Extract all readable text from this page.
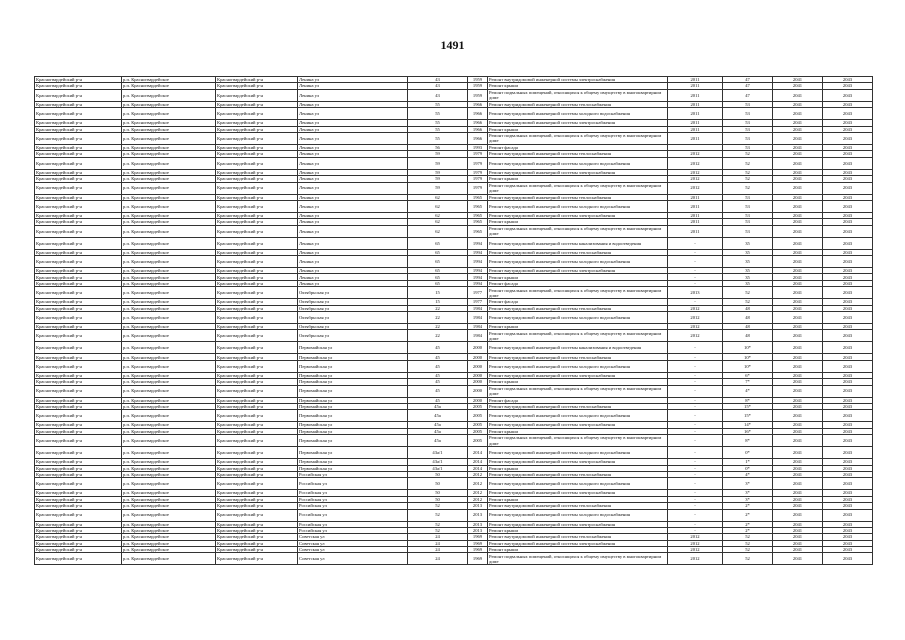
1491
Красногвардейский р-н	р.п. Красногвардейское	Красногвардейский р-н	Ленина ул	43	1959	Ремонт внутридомовой инженерной системы электроснабжения	2011	47	2041	2043
Красногвардейский р-н	р.п. Красногвардейское	Красногвардейский р-н	Ленина ул	43	1959	Ремонт крыши	2011	47	2041	2043
Красногвардейский р-н	р.п. Красногвардейское	Красногвардейский р-н	Ленина ул	43	1959	Ремонт подвальных помещений, относящихся к общему имуществу в многоквартирном доме	2011	47	2041	2043
Красногвардейский р-н	р.п. Красногвардейское	Красногвардейский р-н	Ленина ул	55	1966	Ремонт внутридомовой инженерной системы теплоснабжения	2011	53	2041	2043
Красногвардейский р-н	р.п. Красногвардейское	Красногвардейский р-н	Ленина ул	55	1966	Ремонт внутридомовой инженерной системы холодного водоснабжения	2011	53	2041	2043
Красногвардейский р-н	р.п. Красногвардейское	Красногвардейский р-н	Ленина ул	55	1966	Ремонт внутридомовой инженерной системы электроснабжения	2011	53	2041	2043
Красногвардейский р-н	р.п. Красногвардейское	Красногвардейский р-н	Ленина ул	55	1966	Ремонт крыши	2011	53	2041	2043
Красногвардейский р-н	р.п. Красногвардейское	Красногвардейский р-н	Ленина ул	55	1966	Ремонт подвальных помещений, относящихся к общему имуществу в многоквартирном доме	2011	53	2041	2043
Красногвардейский р-н	р.п. Красногвардейское	Красногвардейский р-н	Ленина ул	56	1993	Ремонт фасада		53	2041	2043
Красногвардейский р-н	р.п. Красногвардейское	Красногвардейский р-н	Ленина ул	59	1979	Ремонт внутридомовой инженерной системы теплоснабжения	2012	52	2041	2043
Красногвардейский р-н	р.п. Красногвардейское	Красногвардейский р-н	Ленина ул	59	1979	Ремонт внутридомовой инженерной системы холодного водоснабжения	2012	52	2041	2043
Красногвардейский р-н	р.п. Красногвардейское	Красногвардейский р-н	Ленина ул	59	1979	Ремонт внутридомовой инженерной системы электроснабжения	2012	52	2041	2043
Красногвардейский р-н	р.п. Красногвардейское	Красногвардейский р-н	Ленина ул	59	1979	Ремонт крыши	2012	52	2041	2043
Красногвардейский р-н	р.п. Красногвардейское	Красногвардейский р-н	Ленина ул	59	1979	Ремонт подвальных помещений, относящихся к общему имуществу в многоквартирном доме	2012	52	2041	2043
Красногвардейский р-н	р.п. Красногвардейское	Красногвардейский р-н	Ленина ул	62	1965	Ремонт внутридомовой инженерной системы теплоснабжения	2011	53	2041	2043
Красногвардейский р-н	р.п. Красногвардейское	Красногвардейский р-н	Ленина ул	62	1965	Ремонт внутридомовой инженерной системы холодного водоснабжения	2011	53	2041	2043
Красногвардейский р-н	р.п. Красногвардейское	Красногвардейский р-н	Ленина ул	62	1965	Ремонт внутридомовой инженерной системы электроснабжения	2011	53	2041	2043
Красногвардейский р-н	р.п. Красногвардейское	Красногвардейский р-н	Ленина ул	62	1965	Ремонт крыши	2011	53	2041	2043
Красногвардейский р-н	р.п. Красногвардейское	Красногвардейский р-н	Ленина ул	62	1965	Ремонт подвальных помещений, относящихся к общему имуществу в многоквартирном доме	2011	53	2041	2043
Красногвардейский р-н	р.п. Красногвардейское	Красногвардейский р-н	Ленина ул	65	1994	Ремонт внутридомовой инженерной системы канализования и водоотведения	-	35	2041	2043
Красногвардейский р-н	р.п. Красногвардейское	Красногвардейский р-н	Ленина ул	65	1994	Ремонт внутридомовой инженерной системы теплоснабжения	-	35	2041	2043
Красногвардейский р-н	р.п. Красногвардейское	Красногвардейский р-н	Ленина ул	65	1994	Ремонт внутридомовой инженерной системы холодного водоснабжения	-	35	2041	2043
Красногвардейский р-н	р.п. Красногвардейское	Красногвардейский р-н	Ленина ул	65	1994	Ремонт внутридомовой инженерной системы электроснабжения	-	35	2041	2043
Красногвардейский р-н	р.п. Красногвардейское	Красногвардейский р-н	Ленина ул	65	1994	Ремонт крыши	-	35	2041	2043
Красногвардейский р-н	р.п. Красногвардейское	Красногвардейский р-н	Ленина ул	65	1994	Ремонт фасада	-	35	2041	2043
Красногвардейский р-н	р.п. Красногвардейское	Красногвардейский р-н	Октябрьская ул	15	1977	Ремонт подвальных помещений, относящихся к общему имуществу в многоквартирном доме	2013	52	2041	2043
Красногвардейский р-н	р.п. Красногвардейское	Красногвардейский р-н	Октябрьская ул	15	1977	Ремонт фасада	-	52	2041	2043
Красногвардейский р-н	р.п. Красногвардейское	Красногвардейский р-н	Октябрьская ул	22	1984	Ремонт внутридомовой инженерной системы теплоснабжения	2012	48	2041	2043
Красногвардейский р-н	р.п. Красногвардейское	Красногвардейский р-н	Октябрьская ул	22	1984	Ремонт внутридомовой инженерной системы холодного водоснабжения	2012	48	2041	2043
Красногвардейский р-н	р.п. Красногвардейское	Красногвардейский р-н	Октябрьская ул	22	1984	Ремонт крыши	2012	48	2041	2043
Красногвардейский р-н	р.п. Красногвардейское	Красногвардейский р-н	Октябрьская ул	22	1984	Ремонт подвальных помещений, относящихся к общему имуществу в многоквартирном доме	2012	48	2041	2043
Красногвардейский р-н	р.п. Красногвардейское	Красногвардейский р-н	Первомайская ул	45	2000	Ремонт внутридомовой инженерной системы канализования и водоотведения	-	10*	2041	2043
Красногвардейский р-н	р.п. Красногвардейское	Красногвардейский р-н	Первомайская ул	45	2000	Ремонт внутридомовой инженерной системы теплоснабжения	-	10*	2041	2043
Красногвардейский р-н	р.п. Красногвардейское	Красногвардейский р-н	Первомайская ул	45	2000	Ремонт внутридомовой инженерной системы холодного водоснабжения	-	10*	2041	2043
Красногвардейский р-н	р.п. Красногвардейское	Красногвардейский р-н	Первомайская ул	45	2000	Ремонт внутридомовой инженерной системы электроснабжения	-	6*	2041	2043
Красногвардейский р-н	р.п. Красногвардейское	Красногвардейский р-н	Первомайская ул	45	2000	Ремонт крыши	-	7*	2041	2043
Красногвардейский р-н	р.п. Красногвардейское	Красногвардейский р-н	Первомайская ул	45	2000	Ремонт подвальных помещений, относящихся к общему имуществу в многоквартирном доме	-	4*	2041	2043
Красногвардейский р-н	р.п. Красногвардейское	Красногвардейский р-н	Первомайская ул	45	2000	Ремонт фасада	-	8*	2041	2043
Красногвардейский р-н	р.п. Красногвардейское	Красногвардейский р-н	Первомайская ул	45а	2005	Ремонт внутридомовой инженерной системы теплоснабжения	-	15*	2041	2043
Красногвардейский р-н	р.п. Красногвардейское	Красногвардейский р-н	Первомайская ул	45а	2005	Ремонт внутридомовой инженерной системы холодного водоснабжения	-	15*	2041	2043
Красногвардейский р-н	р.п. Красногвардейское	Красногвардейский р-н	Первомайская ул	45а	2005	Ремонт внутридомовой инженерной системы электроснабжения	-	14*	2041	2043
Красногвардейский р-н	р.п. Красногвардейское	Красногвардейский р-н	Первомайская ул	45а	2005	Ремонт крыши	-	16*	2041	2043
Красногвардейский р-н	р.п. Красногвардейское	Красногвардейский р-н	Первомайская ул	45а	2005	Ремонт подвальных помещений, относящихся к общему имуществу в многоквартирном доме	-	8*	2041	2043
Красногвардейский р-н	р.п. Красногвардейское	Красногвардейский р-н	Первомайская ул	43а/1	2014	Ремонт внутридомовой инженерной системы холодного водоснабжения	-	0*	2041	2043
Красногвардейский р-н	р.п. Красногвардейское	Красногвардейский р-н	Первомайская ул	43а/1	2014	Ремонт внутридомовой инженерной системы электроснабжения	-	1*	2041	2043
Красногвардейский р-н	р.п. Красногвардейское	Красногвардейский р-н	Первомайская ул	43а/1	2014	Ремонт крыши	-	0*	2041	2043
Красногвардейский р-н	р.п. Красногвардейское	Красногвардейский р-н	Российская ул	50	2012	Ремонт внутридомовой инженерной системы теплоснабжения	-	4*	2041	2043
Красногвардейский р-н	р.п. Красногвардейское	Красногвардейский р-н	Российская ул	50	2012	Ремонт внутридомовой инженерной системы холодного водоснабжения	-	3*	2041	2043
Красногвардейский р-н	р.п. Красногвардейское	Красногвардейский р-н	Российская ул	50	2012	Ремонт внутридомовой инженерной системы электроснабжения	-	3*	2041	2043
Красногвардейский р-н	р.п. Красногвардейское	Красногвардейский р-н	Российская ул	50	2012	Ремонт крыши	-	3*	2041	2043
Красногвардейский р-н	р.п. Красногвардейское	Красногвардейский р-н	Российская ул	52	2013	Ремонт внутридомовой инженерной системы теплоснабжения	-	2*	2041	2043
Красногвардейский р-н	р.п. Красногвардейское	Красногвардейский р-н	Российская ул	52	2013	Ремонт внутридомовой инженерной системы холодного водоснабжения	-	2*	2041	2043
Красногвардейский р-н	р.п. Красногвардейское	Красногвардейский р-н	Российская ул	52	2013	Ремонт внутридомовой инженерной системы электроснабжения	-	2*	2041	2043
Красногвардейский р-н	р.п. Красногвардейское	Красногвардейский р-н	Российская ул	52	2013	Ремонт крыши	-	2*	2041	2043
Красногвардейский р-н	р.п. Красногвардейское	Красногвардейский р-н	Советская ул	24	1969	Ремонт внутридомовой инженерной системы теплоснабжения	2012	52	2041	2043
Красногвардейский р-н	р.п. Красногвардейское	Красногвардейский р-н	Советская ул	24	1969	Ремонт внутридомовой инженерной системы электроснабжения	2012	52	2041	2043
Красногвардейский р-н	р.п. Красногвардейское	Красногвардейский р-н	Советская ул	24	1969	Ремонт крыши	2012	52	2041	2043
Красногвардейский р-н	р.п. Красногвардейское	Красногвардейский р-н	Советская ул	24	1969	Ремонт подвальных помещений, относящихся к общему имуществу в многоквартирном доме	2012	52	2041	2043
